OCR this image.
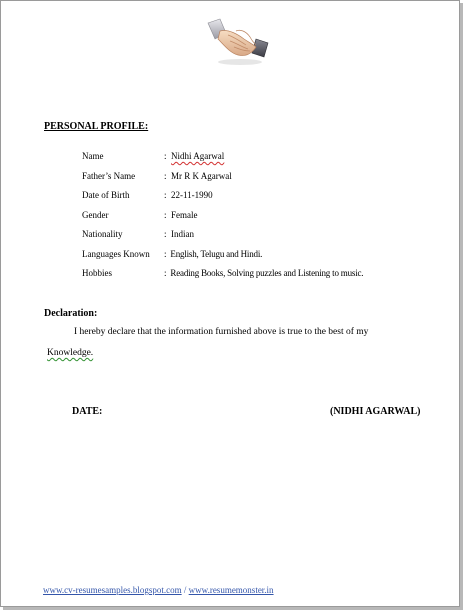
PERSONAL PROFILE:
Name	: Nidhi Agarwal
Father’s Name	: Mr R K Agarwal
Date of Birth	: 22-11-1990
Gender	: Female
Nationality	: Indian
Languages Known : English, Telugu and Hindi.
Hobbies	: Reading Books, Solving puzzles and Listening to music.
Declaration:
I hereby declare that the information furnished above is true to the best of my
Knowledge.
DATE:	(NIDHI AGARWAL)
www.cv-resumesamples.blogspot.com / www.resumemonster.in
